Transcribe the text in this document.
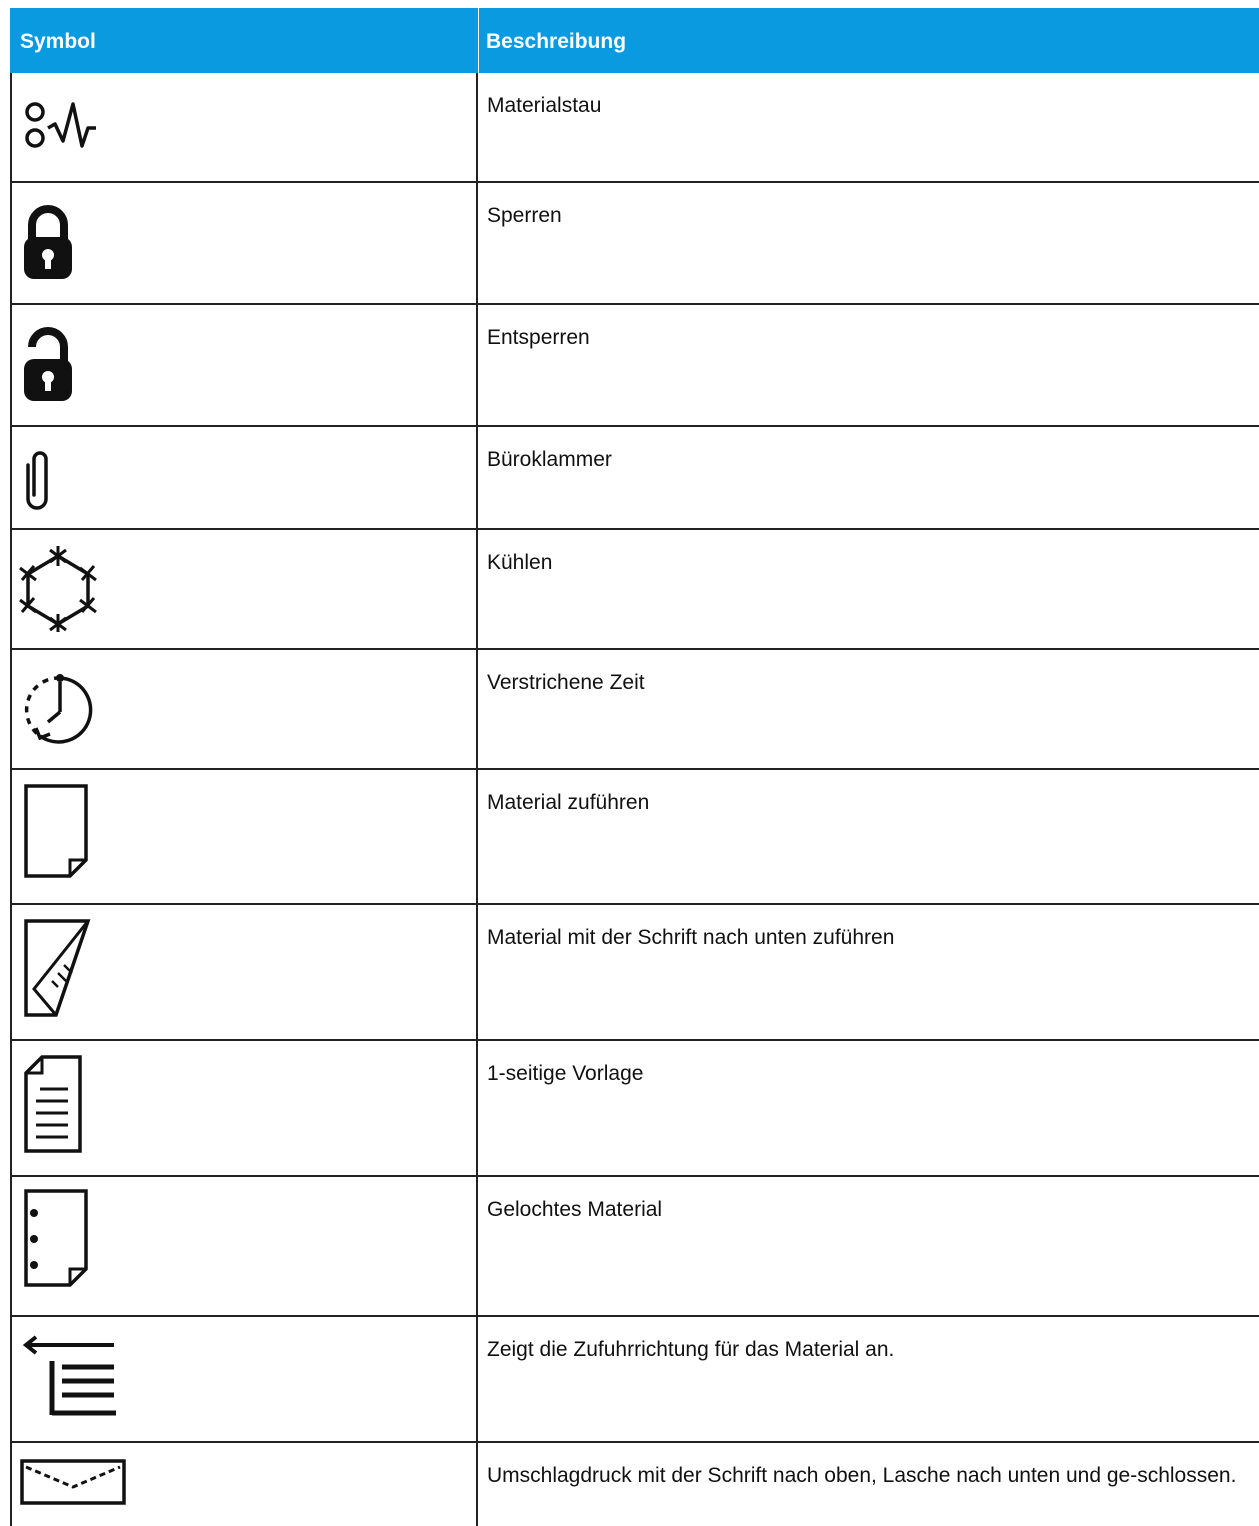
Symbol	Beschreibung
Materialstau
Sperren
Entsperren
Büroklammer
Kühlen
Verstrichene Zeit
Material zuführen
Material mit der Schrift nach unten zuführen
1-seitige Vorlage
Gelochtes Material
Zeigt die Zufuhrrichtung für das Material an.
Umschlagdruck mit der Schrift nach oben, Lasche nach unten und ge-schlossen.
